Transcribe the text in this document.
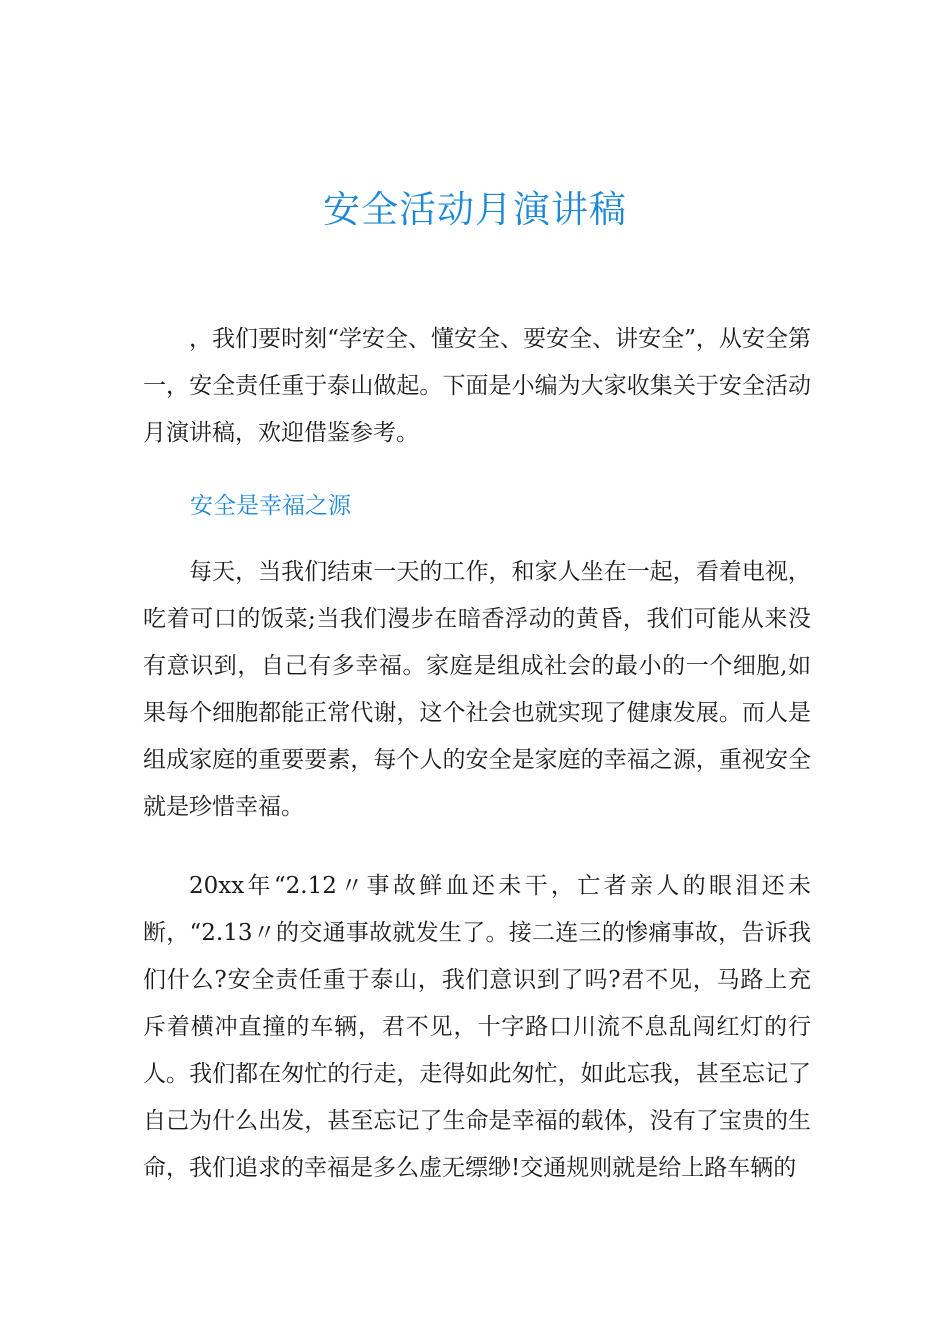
安全活动月演讲稿

，我们要时刻“学安全、懂安全、要安全、讲安全”，从安全第一，安全责任重于泰山做起。下面是小编为大家收集关于安全活动月演讲稿，欢迎借鉴参考。

安全是幸福之源

每天，当我们结束一天的工作，和家人坐在一起，看着电视，吃着可口的饭菜;当我们漫步在暗香浮动的黄昏，我们可能从来没有意识到，自己有多幸福。家庭是组成社会的最小的一个细胞,如果每个细胞都能正常代谢，这个社会也就实现了健康发展。而人是组成家庭的重要要素，每个人的安全是家庭的幸福之源，重视安全就是珍惜幸福。

20xx年“2.12〃事故鲜血还未干，亡者亲人的眼泪还未断，“2.13〃的交通事故就发生了。接二连三的惨痛事故，告诉我们什么?安全责任重于泰山，我们意识到了吗?君不见，马路上充斥着横冲直撞的车辆，君不见，十字路口川流不息乱闯红灯的行人。我们都在匆忙的行走，走得如此匆忙，如此忘我，甚至忘记了自己为什么出发，甚至忘记了生命是幸福的载体，没有了宝贵的生命，我们追求的幸福是多么虚无缥缈!交通规则就是给上路车辆的
